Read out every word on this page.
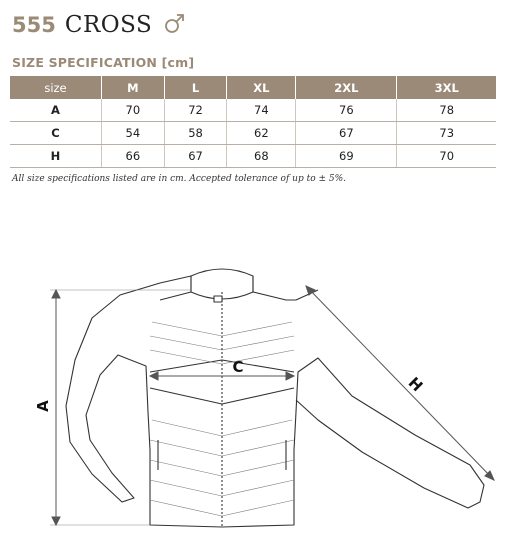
555 CROSS
SIZE SPECIFICATION [cm]
size	M	L	XL	2XL	3XL
A	70	72	74	76	78
C	54	58	62	67	73
H	66	67	68	69	70
All size specifications listed are in cm. Accepted tolerance of up to ± 5%.
A
C
H
